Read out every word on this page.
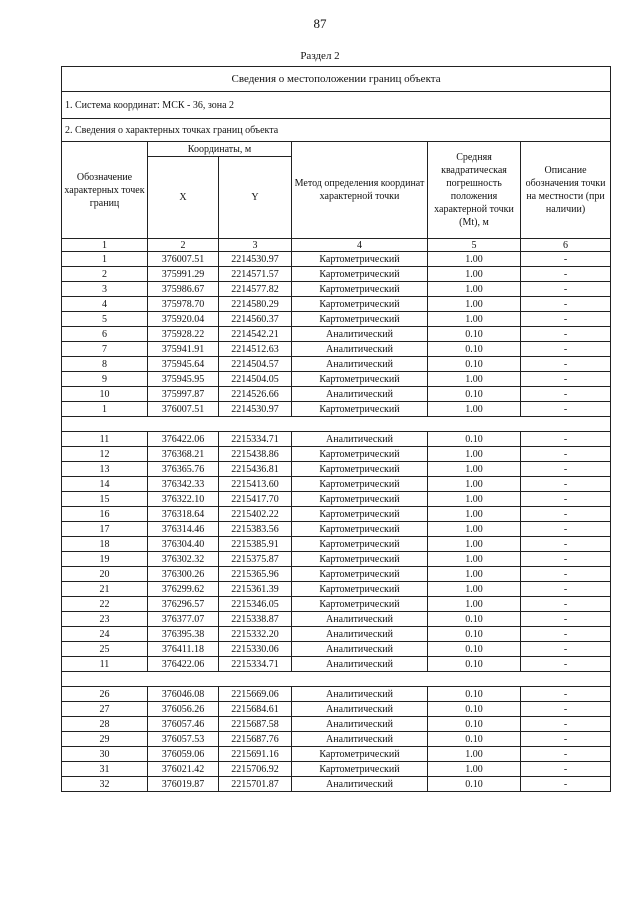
87
Раздел 2
Сведения о местоположении границ объекта					
1. Система координат: МСК - 36, зона 2					
2. Сведения о характерных точках границ объекта					
Обозначение характерных точек границ	Координаты, м		Метод определения координат характерной точки	Средняя квадратическая погрешность положения характерной точки (Mt), м	Описание обозначения точки на местности (при наличии)
	X	Y			
1	2	3	4	5	6
1	376007.51	2214530.97	Картометрический	1.00	-
2	375991.29	2214571.57	Картометрический	1.00	-
3	375986.67	2214577.82	Картометрический	1.00	-
4	375978.70	2214580.29	Картометрический	1.00	-
5	375920.04	2214560.37	Картометрический	1.00	-
6	375928.22	2214542.21	Аналитический	0.10	-
7	375941.91	2214512.63	Аналитический	0.10	-
8	375945.64	2214504.57	Аналитический	0.10	-
9	375945.95	2214504.05	Картометрический	1.00	-
10	375997.87	2214526.66	Аналитический	0.10	-
1	376007.51	2214530.97	Картометрический	1.00	-

11	376422.06	2215334.71	Аналитический	0.10	-
12	376368.21	2215438.86	Картометрический	1.00	-
13	376365.76	2215436.81	Картометрический	1.00	-
14	376342.33	2215413.60	Картометрический	1.00	-
15	376322.10	2215417.70	Картометрический	1.00	-
16	376318.64	2215402.22	Картометрический	1.00	-
17	376314.46	2215383.56	Картометрический	1.00	-
18	376304.40	2215385.91	Картометрический	1.00	-
19	376302.32	2215375.87	Картометрический	1.00	-
20	376300.26	2215365.96	Картометрический	1.00	-
21	376299.62	2215361.39	Картометрический	1.00	-
22	376296.57	2215346.05	Картометрический	1.00	-
23	376377.07	2215338.87	Аналитический	0.10	-
24	376395.38	2215332.20	Аналитический	0.10	-
25	376411.18	2215330.06	Аналитический	0.10	-
11	376422.06	2215334.71	Аналитический	0.10	-

26	376046.08	2215669.06	Аналитический	0.10	-
27	376056.26	2215684.61	Аналитический	0.10	-
28	376057.46	2215687.58	Аналитический	0.10	-
29	376057.53	2215687.76	Аналитический	0.10	-
30	376059.06	2215691.16	Картометрический	1.00	-
31	376021.42	2215706.92	Картометрический	1.00	-
32	376019.87	2215701.87	Аналитический	0.10	-
